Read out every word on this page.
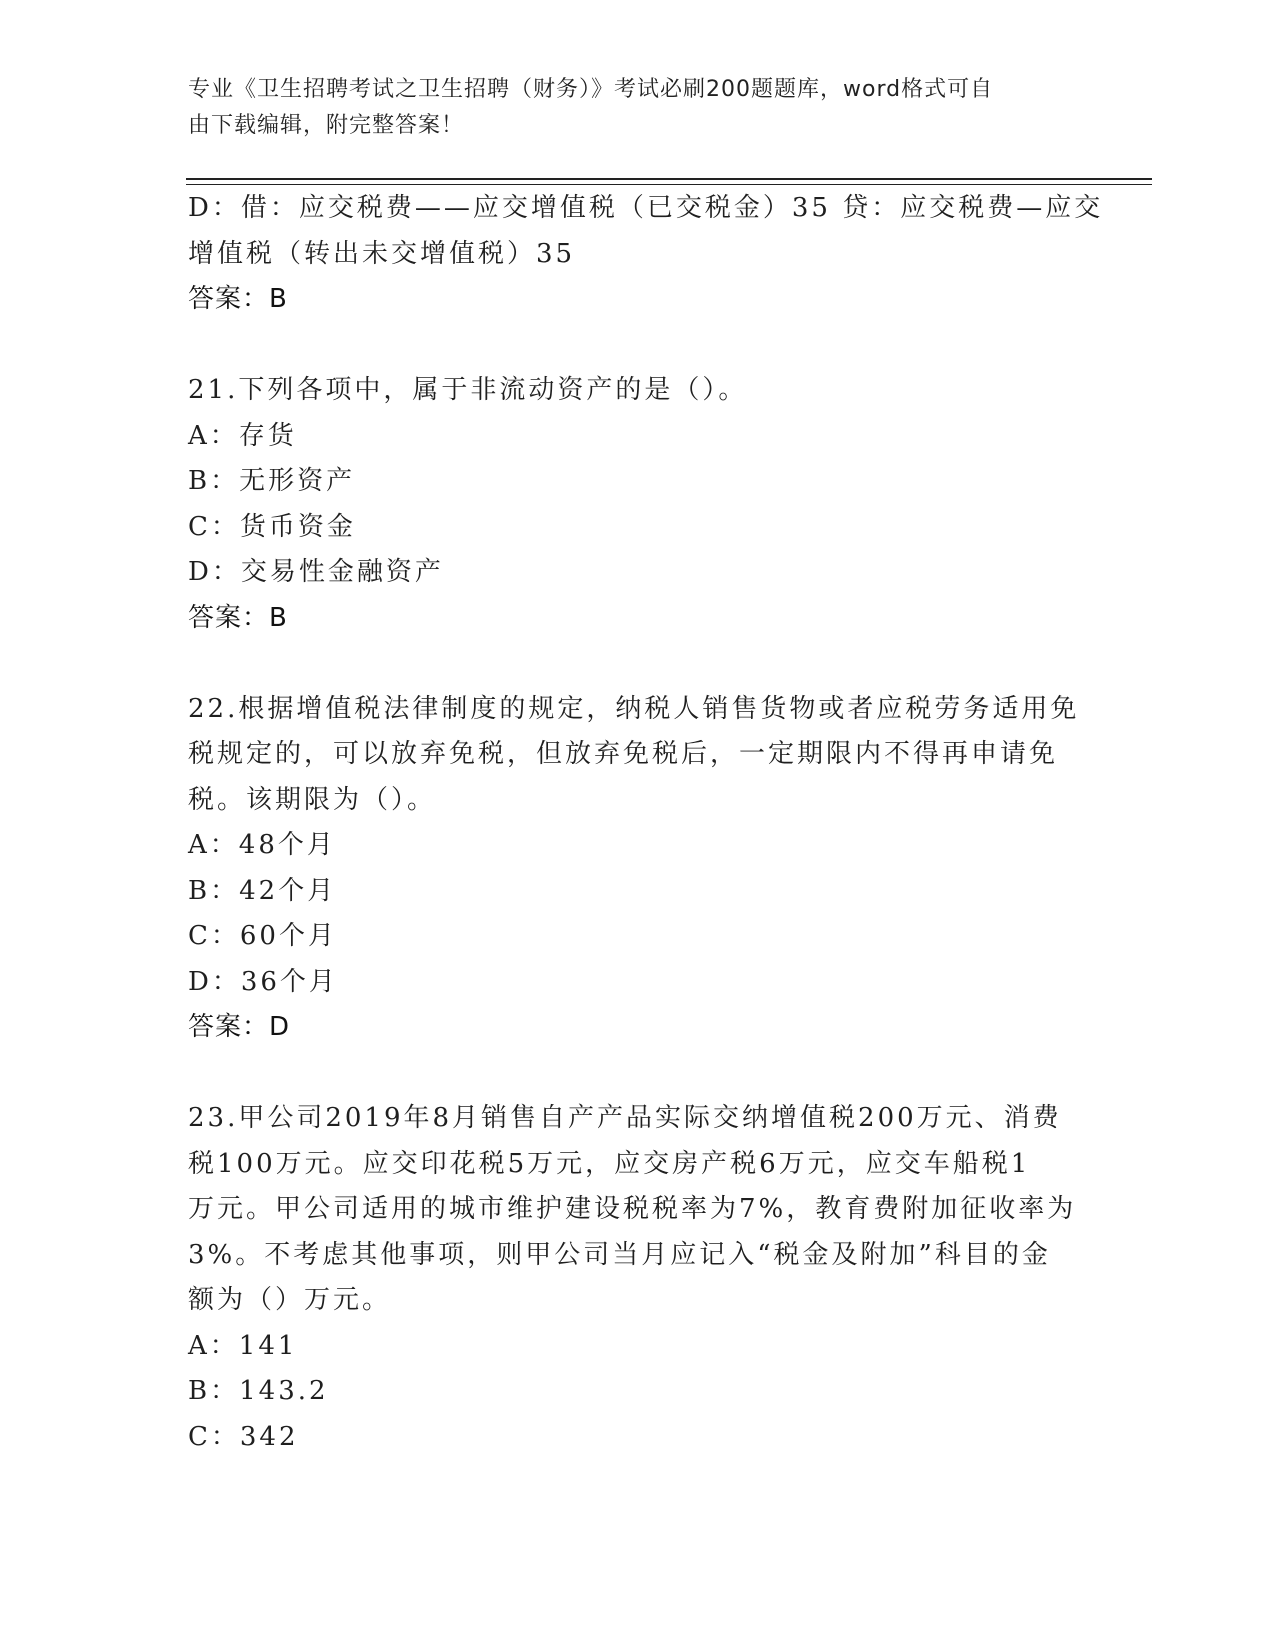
专业《卫生招聘考试之卫生招聘（财务）》考试必刷200题题库，word格式可自
由下载编辑，附完整答案！
D：借：应交税费——应交增值税（已交税金）35 贷：应交税费—应交
增值税（转出未交增值税）35
答案：B
21.下列各项中，属于非流动资产的是（）。
A：存货
B：无形资产
C：货币资金
D：交易性金融资产
答案：B
22.根据增值税法律制度的规定，纳税人销售货物或者应税劳务适用免
税规定的，可以放弃免税，但放弃免税后，一定期限内不得再申请免
税。该期限为（）。
A：48个月
B：42个月
C：60个月
D：36个月
答案：D
23.甲公司2019年8月销售自产产品实际交纳增值税200万元、消费
税100万元。应交印花税5万元，应交房产税6万元，应交车船税1
万元。甲公司适用的城市维护建设税税率为7%，教育费附加征收率为
3%。不考虑其他事项，则甲公司当月应记入“税金及附加”科目的金
额为（）万元。
A：141
B：143.2
C：342
